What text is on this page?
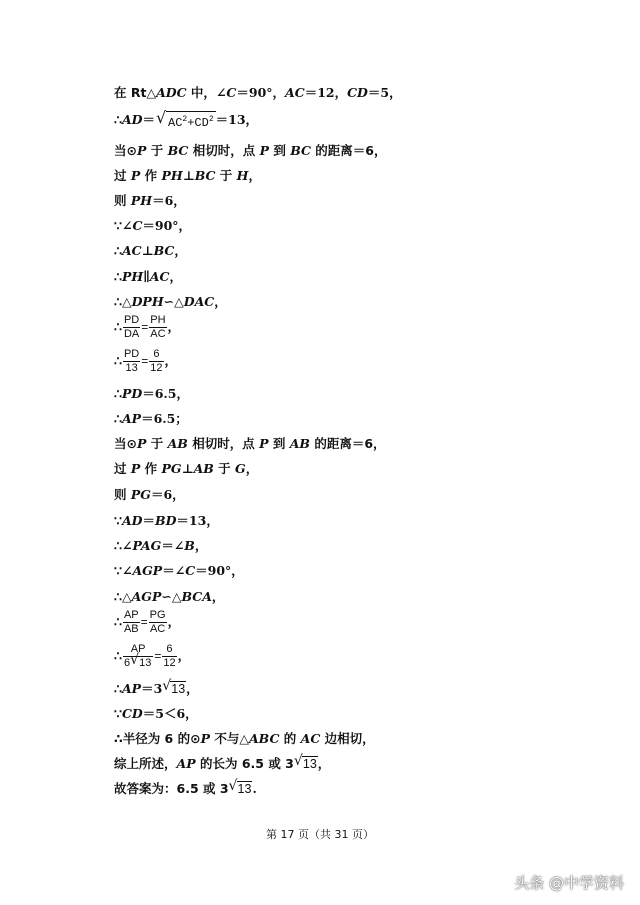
在 Rt△ADC 中，∠C＝90°，AC＝12，CD＝5，
∴AD＝ √ $AC^2+CD^2 =13$，
当⊙P 于 BC 相切时，点 P 到 BC 的距离＝6，
过 P 作 PH⊥BC 于 H，
则 PH＝6，
∵∠C＝90°，
∴AC⊥BC，
∴PH∥AC，
∴△DPH∽△DAC，
∴ $\frac{PD}{DA} = \frac{PH}{AC}$ ，
∴ $\frac{PD}{13} = \frac{6}{12}$ ，
∴PD＝6.5，
∴AP＝6.5；
当⊙P 于 AB 相切时，点 P 到 AB 的距离＝6，
过 P 作 PG⊥AB 于 G，
则 PG＝6，
∵AD＝BD＝13，
∴∠PAG＝∠B，
∵∠AGP＝∠C＝90°，
∴△AGP∽△BCA，
∴ $\frac{AP}{AB} = \frac{PG}{AC}$ ，
∴ $\frac{AP}{6 √ 13} = \frac{6}{12}$ ，
∴AP＝3 √ 13，
∵CD＝5＜6，
∴半径为 6 的⊙P 不与△ABC 的 AC 边相切，
综上所述，AP 的长为 6.5 或 3 √ 13，
故答案为：6.5 或 3 √ 13.
第 17 页（共 31 页）
头条 @中学资料
